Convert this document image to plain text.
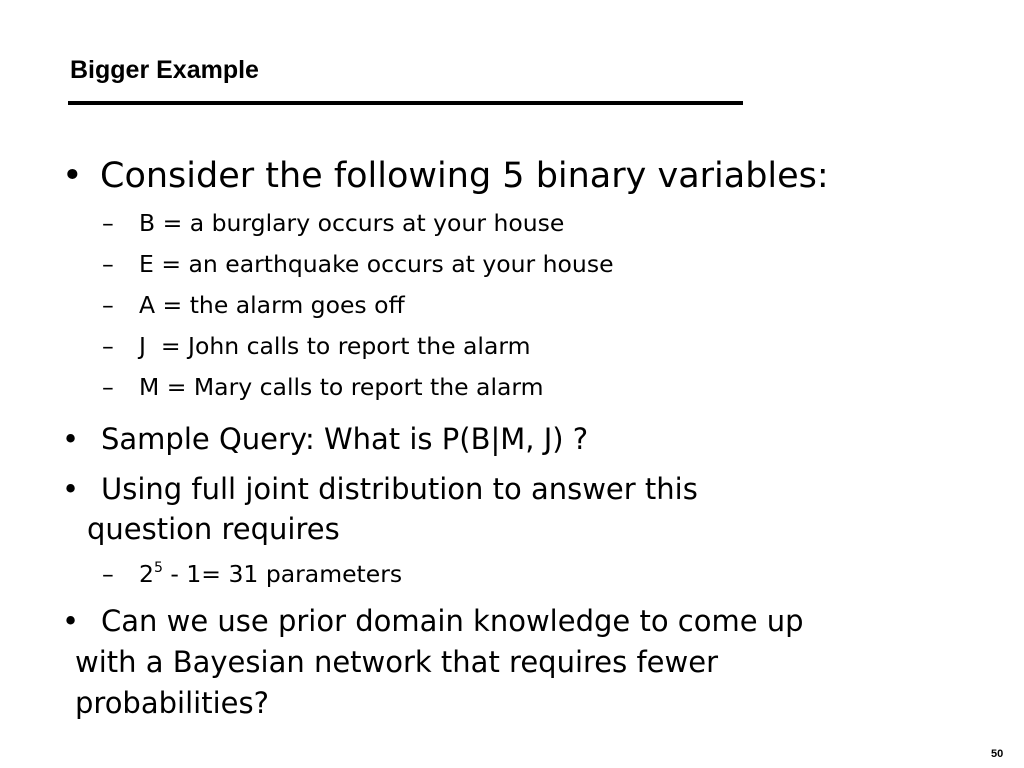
Bigger Example
• Consider the following 5 binary variables:
– B = a burglary occurs at your house
– E = an earthquake occurs at your house
– A = the alarm goes off
– J  = John calls to report the alarm
– M = Mary calls to report the alarm
• Sample Query: What is P(B|M, J) ?
• Using full joint distribution to answer this
question requires
– $2^5 - 1= 31$ parameters
• Can we use prior domain knowledge to come up
with a Bayesian network that requires fewer
probabilities?
50
